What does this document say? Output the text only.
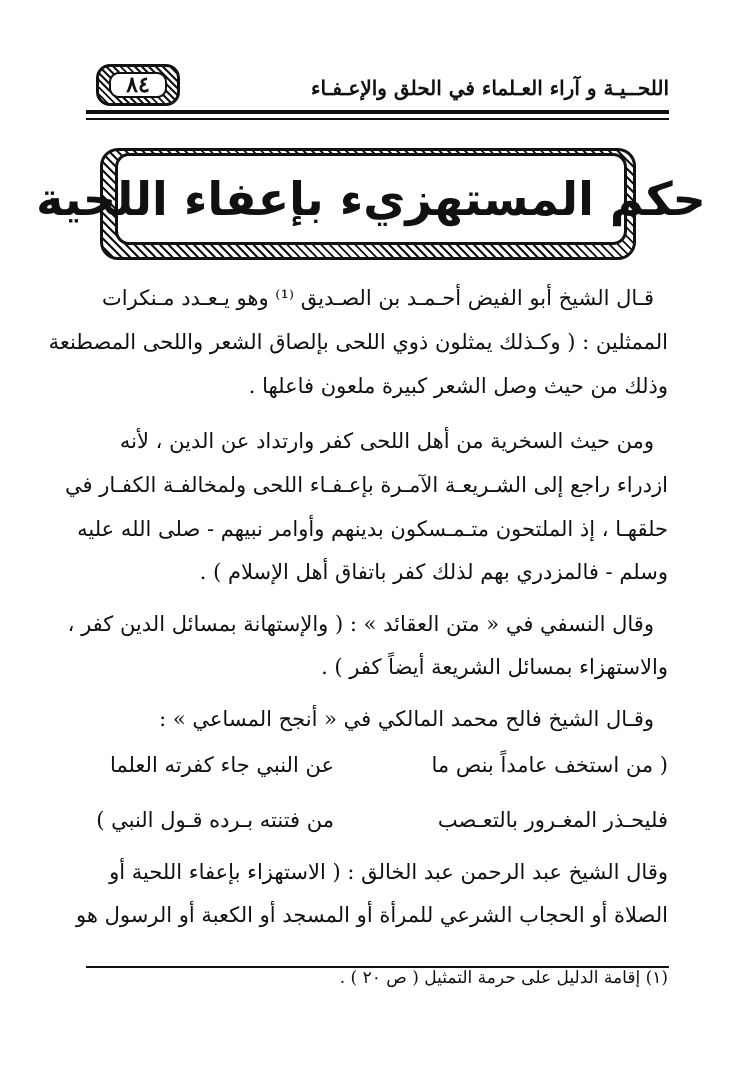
اللحــيـة و آراء العـلماء في الحلق والإعـفـاء
٨٤
حكم المستهزيء بإعفاء اللحية
قـال الشيخ أبو الفيض أحـمـد بن الصـديق ⁽¹⁾ وهو يـعـدد مـنكرات
الممثلين : ( وكـذلك يمثلون ذوي اللحى بإلصاق الشعر واللحى المصطنعة
وذلك من حيث وصل الشعر كبيرة ملعون فاعلها .
ومن حيث السخرية من أهل اللحى كفر وارتداد عن الدين ، لأنه
ازدراء راجع إلى الشـريعـة الآمـرة بإعـفـاء اللحى ولمخالفـة الكفـار في
حلقهـا ، إذ الملتحون متـمـسكون بدينهم وأوامر نبيهم - صلى الله عليه
وسلم - فالمزدري بهم لذلك كفر باتفاق أهل الإسلام ) .
وقال النسفي في « متن العقائد » : ( والإستهانة بمسائل الدين كفر ،
والاستهزاء بمسائل الشريعة أيضاً كفر ) .
وقـال الشيخ فالح محمد المالكي في « أنجح المساعي » :
( من استخف عامداً بنص ما
عن النبي جاء كفرته العلما
فليحـذر المغـرور بالتعـصب
من فتنته بـرده قـول النبي )
وقال الشيخ عبد الرحمن عبد الخالق : ( الاستهزاء بإعفاء اللحية أو
الصلاة أو الحجاب الشرعي للمرأة أو المسجد أو الكعبة أو الرسول هو
(١) إقامة الدليل على حرمة التمثيل ( ص ٢٠ ) .
